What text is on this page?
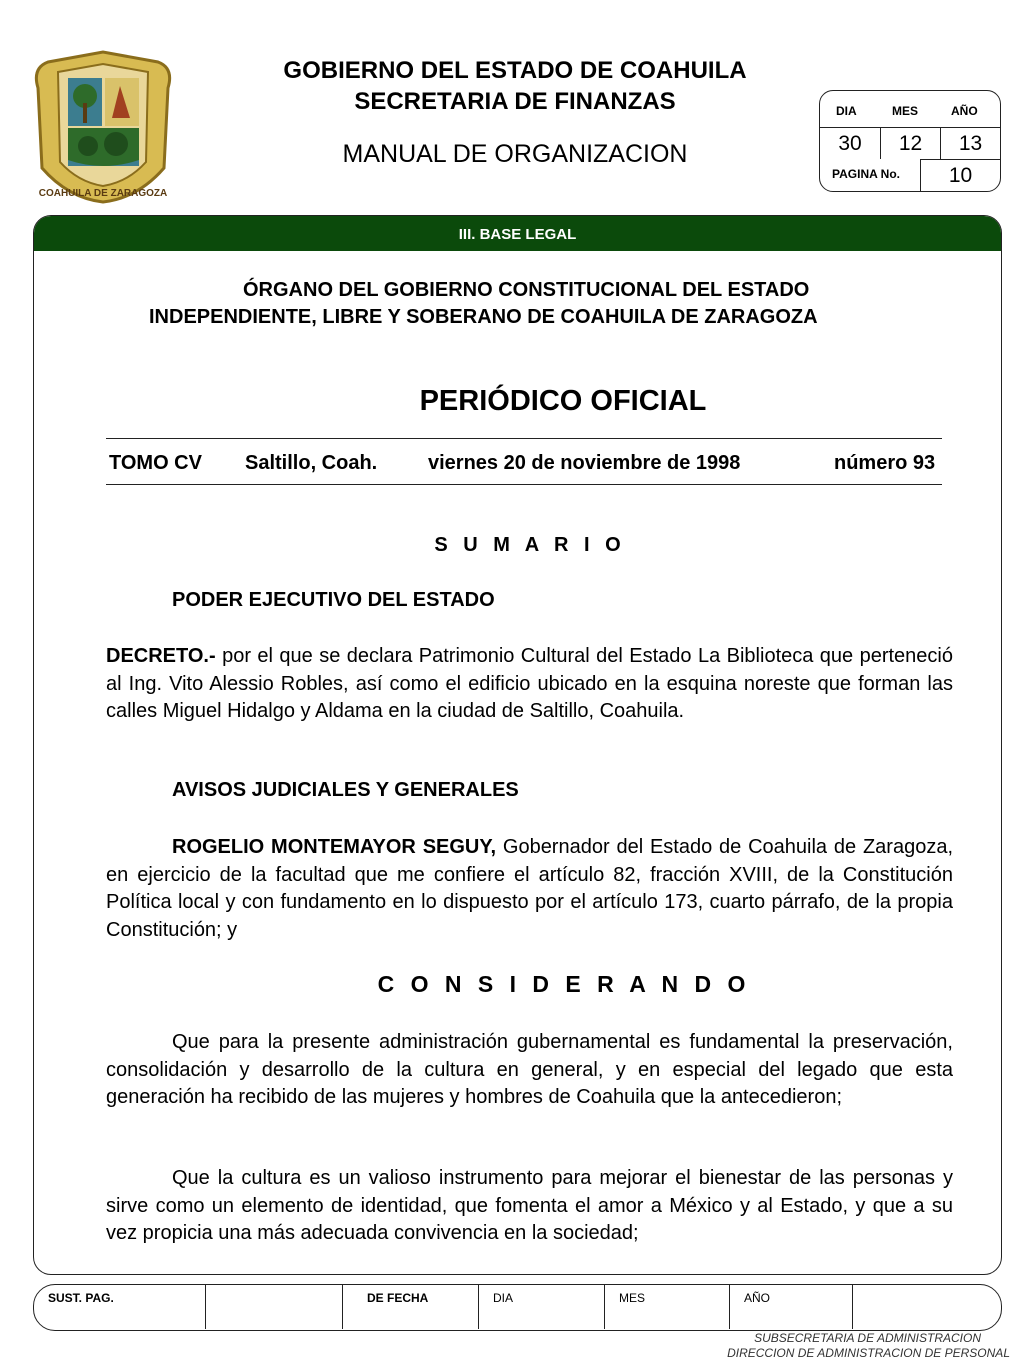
COAHUILA DE ZARAGOZA
GOBIERNO DEL ESTADO DE COAHUILA
SECRETARIA DE FINANZAS
MANUAL DE ORGANIZACION
DIA	MES	AÑO
30	12	13
PAGINA No.	10
III. BASE LEGAL
ÓRGANO DEL GOBIERNO CONSTITUCIONAL DEL ESTADO
INDEPENDIENTE, LIBRE Y SOBERANO DE COAHUILA DE ZARAGOZA
PERIÓDICO OFICIAL
TOMO CV Saltillo, Coah.	viernes 20 de noviembre de 1998	número 93
S U M A R I O
PODER EJECUTIVO DEL ESTADO
DECRETO.- por el que se declara Patrimonio Cultural del Estado La Biblioteca que perteneció al Ing. Vito Alessio Robles, así como el edificio ubicado en la esquina noreste que forman las calles Miguel Hidalgo y Aldama en la ciudad de Saltillo, Coahuila.
AVISOS JUDICIALES Y GENERALES
ROGELIO MONTEMAYOR SEGUY, Gobernador del Estado de Coahuila de Zaragoza, en ejercicio de la facultad que me confiere el artículo 82, fracción XVIII, de la Constitución Política local y con fundamento en lo dispuesto por el artículo 173, cuarto párrafo, de la propia Constitución; y
C O N S I D E R A N D O
Que para la presente administración gubernamental es fundamental la preservación, consolidación y desarrollo de la cultura en general, y en especial del legado que esta generación ha recibido de las mujeres y hombres de Coahuila que la antecedieron;
Que la cultura es un valioso instrumento para mejorar el bienestar de las personas y sirve como un elemento de identidad, que fomenta el amor a México y al Estado, y que a su vez propicia una más adecuada convivencia en la sociedad;
SUST. PAG.	DE FECHA	DIA	MES	AÑO
SUBSECRETARIA DE ADMINISTRACION
DIRECCION DE ADMINISTRACION DE PERSONAL
